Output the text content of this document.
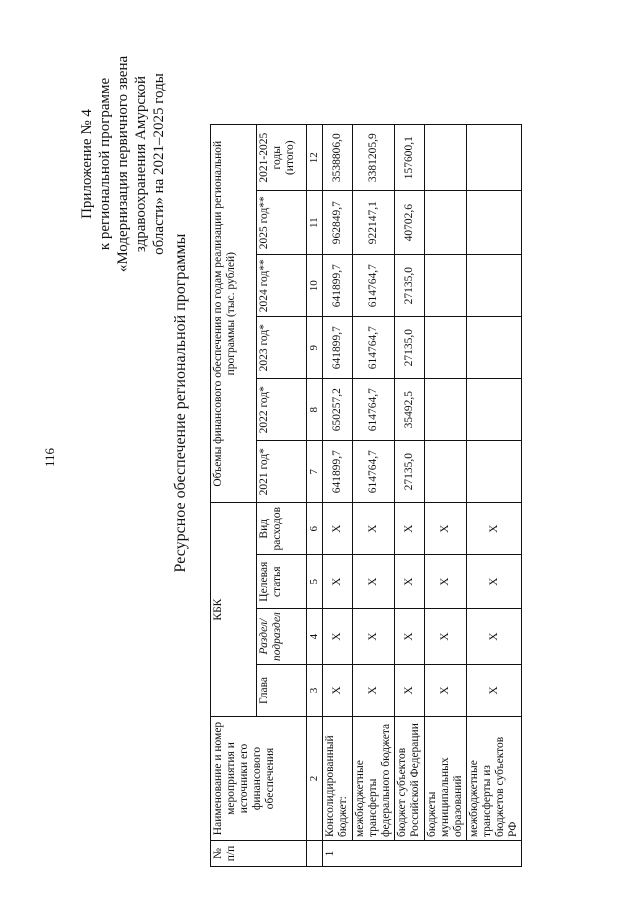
116
Приложение № 4 к региональной программе «Модернизация первичного звена здравоохранения Амурской области» на 2021–2025 годы
Ресурсное обеспечение региональной программы
№ п/п	Наименование и номер мероприятия и источники его финансового обеспечения	КБК				Объемы финансового обеспечения по годам реализации региональной программы (тыс. рублей)					
		Глава	Раздел/ подраздел	Целевая статья	Вид расходов	2021 год*	2022 год*	2023 год*	2024 год**	2025 год**	2021-2025 годы (итого)
	2	3	4	5	6	7	8	9	10	11	12
1	Консолидированный бюджет:	X	X	X	X	641899,7	650257,2	641899,7	641899,7	962849,7	3538806,0
	межбюджетные трансферты федерального бюджета	X	X	X	X	614764,7	614764,7	614764,7	614764,7	922147,1	3381205,9
	бюджет субъектов Российской Федерации	X	X	X	X	27135,0	35492,5	27135,0	27135,0	40702,6	157600,1
	бюджеты муниципальных образований	X	X	X	X						
	межбюджетные трансферты из бюджетов субъектов РФ	X	X	X	X						
